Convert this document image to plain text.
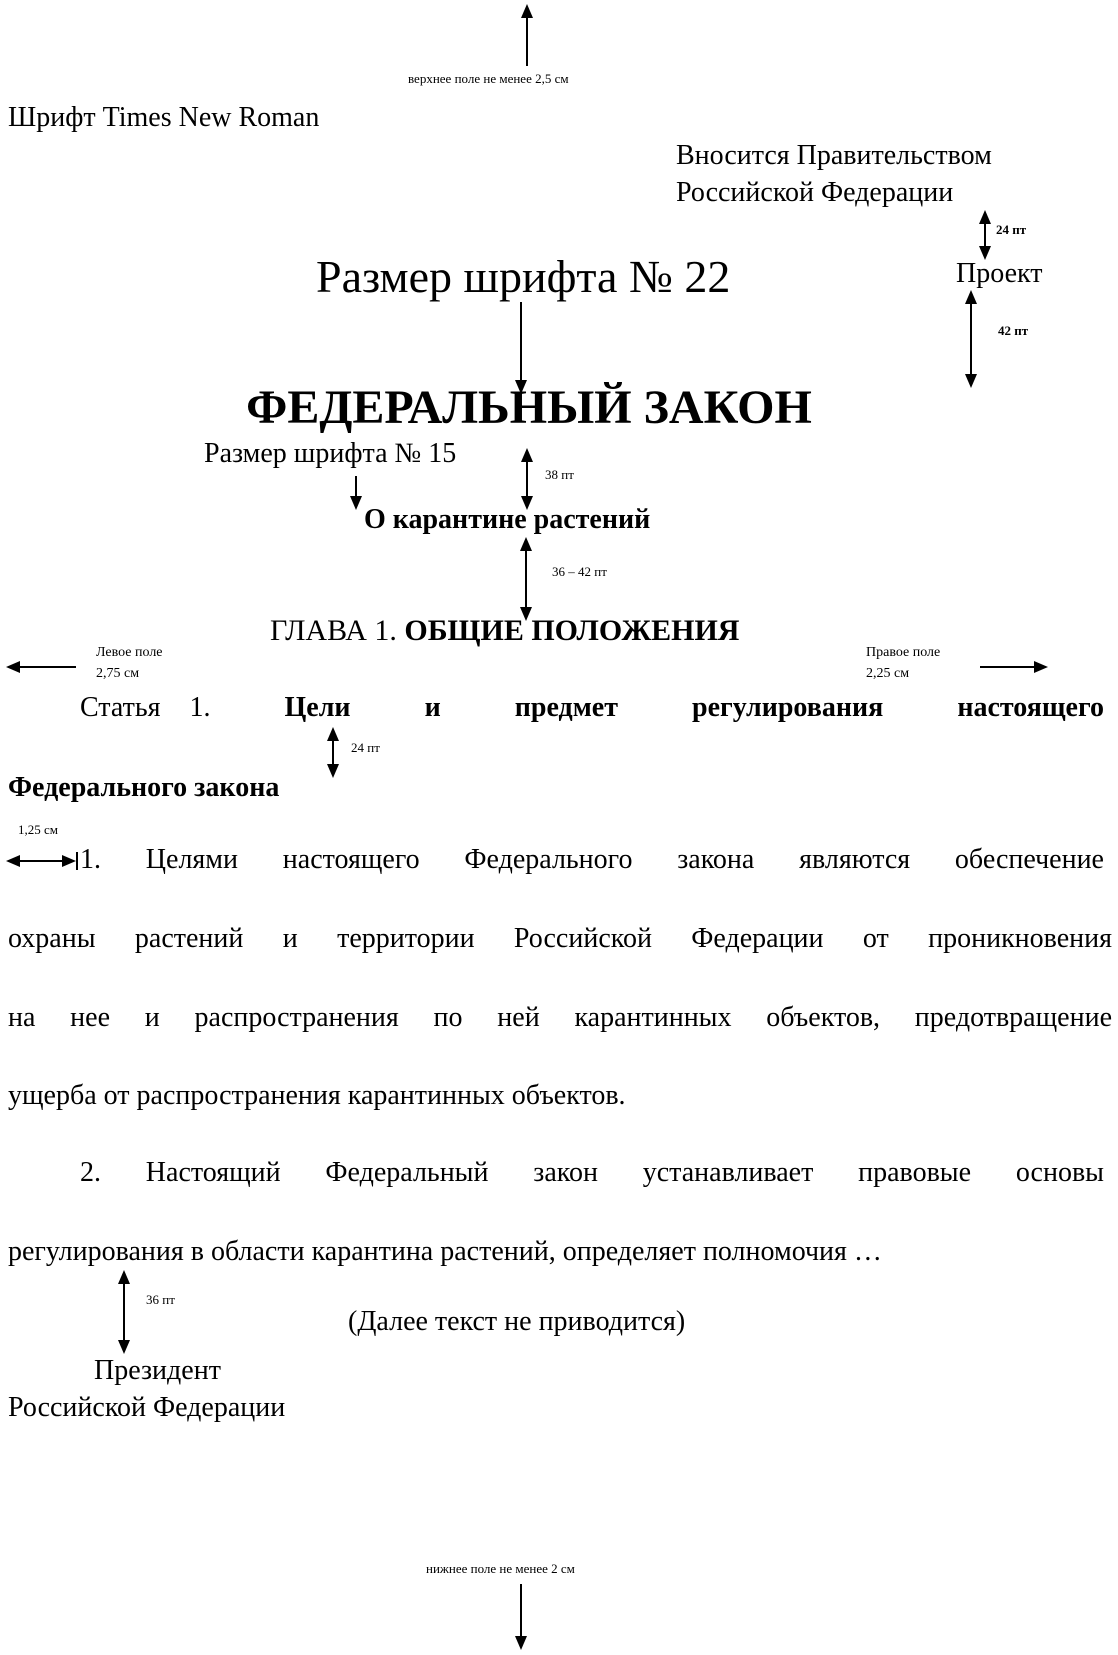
верхнее поле не менее 2,5 см
Шрифт Times New Roman
Вносится Правительством
Российской Федерации
24 пт
Проект
42 пт
Размер шрифта № 22
ФЕДЕРАЛЬНЫЙ ЗАКОН
Размер шрифта № 15
38 пт
О карантине растений
36 – 42 пт
ГЛАВА 1. ОБЩИЕ ПОЛОЖЕНИЯ
Левое поле
2,75 см
Правое поле
2,25 см
Статья 1.	Цели	и	предмет	регулирования	настоящего
24 пт
Федерального закона
1,25 см
1. Целями настоящего Федерального закона являются обеспечение
охраны растений и территории Российской Федерации от проникновения
на нее и распространения по ней карантинных объектов, предотвращение
ущерба от распространения карантинных объектов.
2. Настоящий Федеральный закон устанавливает правовые основы
регулирования в области карантина растений, определяет полномочия …
36 пт
(Далее текст не приводится)
Президент
Российской Федерации
нижнее поле не менее 2 см
